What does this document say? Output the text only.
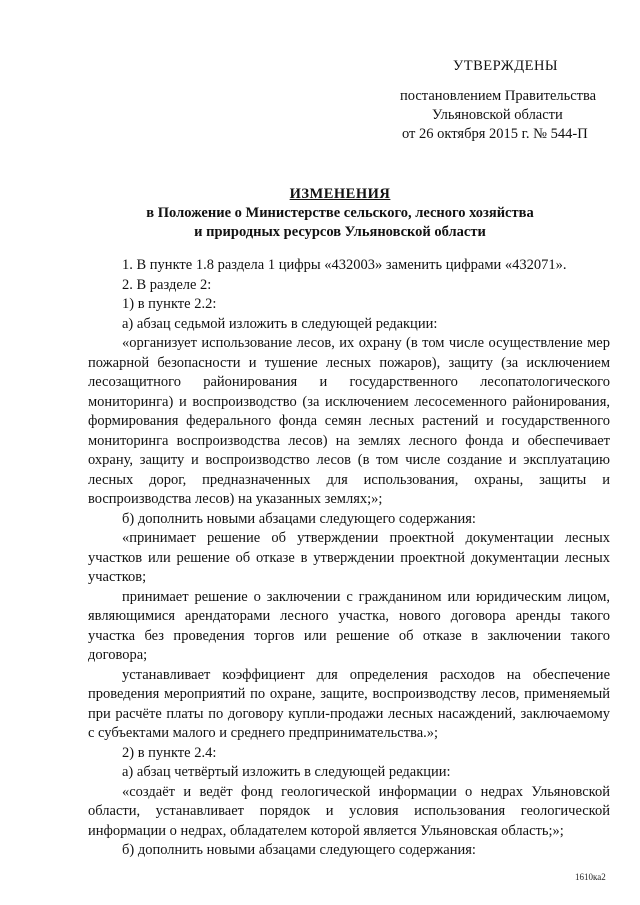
УТВЕРЖДЕНЫ
постановлением Правительства
Ульяновской области
от 26 октября 2015 г. № 544-П
ИЗМЕНЕНИЯ
в Положение о Министерстве сельского, лесного хозяйства
и природных ресурсов Ульяновской области

1. В пункте 1.8 раздела 1 цифры «432003» заменить цифрами «432071».

2. В разделе 2:

1) в пункте 2.2:

а) абзац седьмой изложить в следующей редакции:

«организует использование лесов, их охрану (в том числе осуществление мер пожарной безопасности и тушение лесных пожаров), защиту (за исключением лесозащитного районирования и государственного лесопатологического мониторинга) и воспроизводство (за исключением лесосеменного районирования, формирования федерального фонда семян лесных растений и государственного мониторинга воспроизводства лесов) на землях лесного фонда и обеспечивает охрану, защиту и воспроизводство лесов (в том числе создание и эксплуатацию лесных дорог, предназначенных для использования, охраны, защиты и воспроизводства лесов) на указанных землях;»;

б) дополнить новыми абзацами следующего содержания:

«принимает решение об утверждении проектной документации лесных участков или решение об отказе в утверждении проектной документации лесных участков;

принимает решение о заключении с гражданином или юридическим лицом, являющимися арендаторами лесного участка, нового договора аренды такого участка без проведения торгов или решение об отказе в заключении такого договора;

устанавливает коэффициент для определения расходов на обеспечение проведения мероприятий по охране, защите, воспроизводству лесов, применяемый при расчёте платы по договору купли-продажи лесных насаждений, заключаемому с субъектами малого и среднего предпринимательства.»;

2) в пункте 2.4:

а) абзац четвёртый изложить в следующей редакции:

«создаёт и ведёт фонд геологической информации о недрах Ульяновской области, устанавливает порядок и условия использования геологической информации о недрах, обладателем которой является Ульяновская область;»;

б) дополнить новыми абзацами следующего содержания:

1610ка2
